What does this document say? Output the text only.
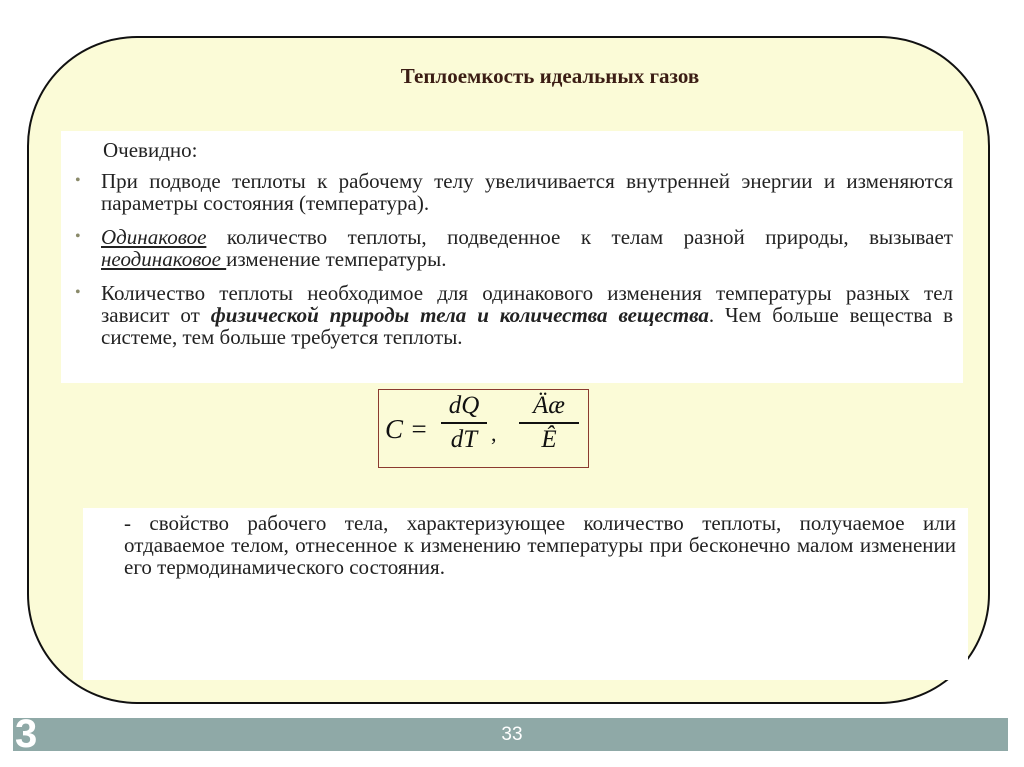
Теплоемкость идеальных газов
Очевидно:
• При подводе теплоты к рабочему телу увеличивается внутренней энергии и изменяются параметры состояния (температура).
• Одинаковое количество теплоты, подведенное к телам разной природы, вызывает неодинаковое изменение температуры.
• Количество теплоты необходимое для одинакового изменения температуры разных тел зависит от физической природы тела и количества вещества. Чем больше вещества в системе, тем больше требуется теплоты.
C =
dQ
dT ,
Äæ
Ê
- свойство рабочего тела, характеризующее количество теплоты, получаемое или отдаваемое телом, отнесенное к изменению температуры при бесконечно малом изменении его термодинамического состояния.
3	33
